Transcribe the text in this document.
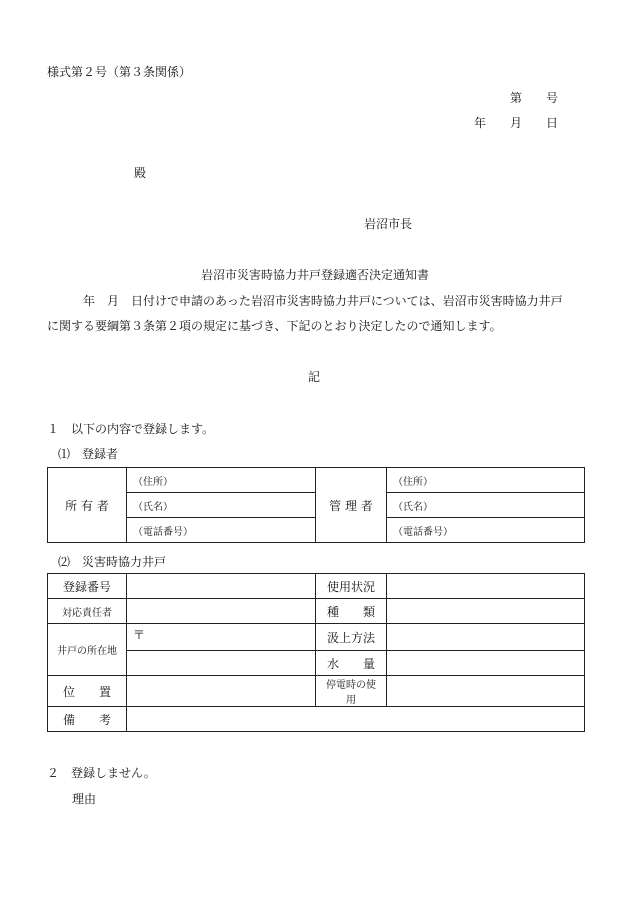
様式第２号（第３条関係）
第　　号
年　　月　　日
殿
岩沼市長
岩沼市災害時協力井戸登録適否決定通知書
年　月　日付けで申請のあった岩沼市災害時協力井戸については、岩沼市災害時協力井戸
に関する要綱第３条第２項の規定に基づき、下記のとおり決定したので通知します。
記
１　以下の内容で登録します。
⑴　登録者
所 有 者	（住所）	管 理 者	（住所）
	（氏名）		（氏名）
	（電話番号）		（電話番号）
⑵　災害時協力井戸
登録番号		使用状況	
対応責任者		種　　類	
井戸の所在地	〒	汲上方法	
		水　　量	
位　　置		停電時の使用	
備　　考			
２　登録しません。
理由
